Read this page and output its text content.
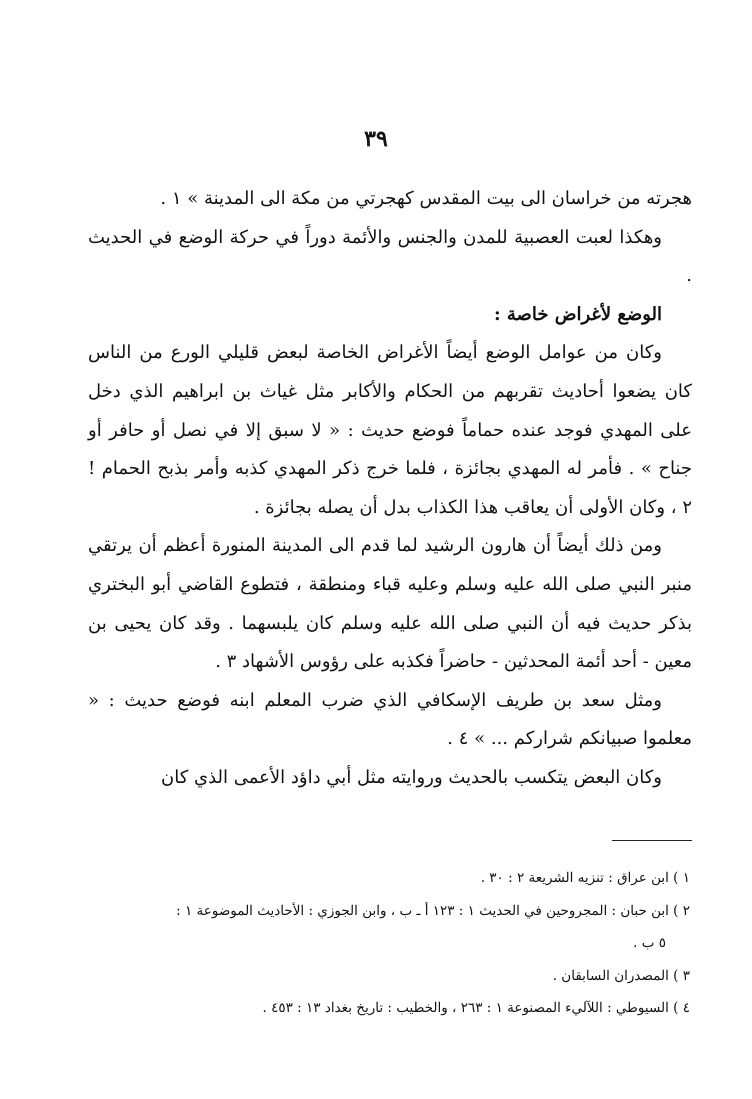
٣٩

هجرته من خراسان الى بيت المقدس كهجرتي من مكة الى المدينة » ١ .

وهكذا لعبت العصبية للمدن والجنس والأئمة دوراً في حركة الوضع في الحديث .

الوضع لأغراض خاصة :

وكان من عوامل الوضع أيضاً الأغراض الخاصة لبعض قليلي الورع من الناس كان يضعوا أحاديث تقربهم من الحكام والأكابر مثل غياث بن ابراهيم الذي دخل على المهدي فوجد عنده حماماً فوضع حديث : « لا سبق إلا في نصل أو حافر أو جناح » . فأمر له المهدي بجائزة ، فلما خرج ذكر المهدي كذبه وأمر بذبح الحمام ! ٢ ، وكان الأولى أن يعاقب هذا الكذاب بدل أن يصله بجائزة .

ومن ذلك أيضاً أن هارون الرشيد لما قدم الى المدينة المنورة أعظم أن يرتقي منبر النبي صلى الله عليه وسلم وعليه قباء ومنطقة ، فتطوع القاضي أبو البختري بذكر حديث فيه أن النبي صلى الله عليه وسلم كان يلبسهما . وقد كان يحيى بن معين - أحد أئمة المحدثين - حاضراً فكذبه على رؤوس الأشهاد ٣ .

ومثل سعد بن طريف الإسكافي الذي ضرب المعلم ابنه فوضع حديث : « معلموا صبيانكم شراركم ... » ٤ .

وكان البعض يتكسب بالحديث وروايته مثل أبي داؤد الأعمى الذي كان

١ ) ابن عراق : تنزيه الشريعة ٢ : ٣٠ .

٢ ) ابن حبان : المجروحين في الحديث ١ : ١٢٣ أ ـ ب ، وابن الجوزي : الأحاديث الموضوعة ١ :

٥ ب .

٣ ) المصدران السابقان .

٤ ) السيوطي : اللآليء المصنوعة ١ : ٢٦٣ ، والخطيب : تاريخ بغداد ١٣ : ٤٥٣ .
